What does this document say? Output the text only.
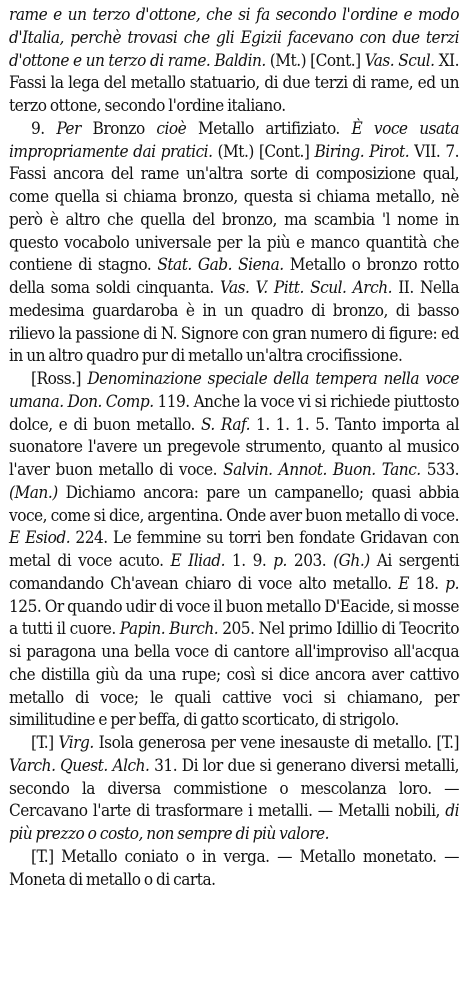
rame e un terzo d'ottone, che si fa secondo l'ordine e modo d'Italia, perchè trovasi che gli Egizii facevano con due terzi d'ottone e un terzo di rame. Baldin. (Mt.) [Cont.] Vas. Scul. XI. Fassi la lega del metallo statuario, di due terzi di rame, ed un terzo ottone, secondo l'ordine italiano.

9. Per Bronzo cioè Metallo artifiziato. È voce usata impropriamente dai pratici. (Mt.) [Cont.] Biring. Pirot. VII. 7. Fassi ancora del rame un'altra sorte di composizione qual, come quella si chiama bronzo, questa si chiama metallo, nè però è altro che quella del bronzo, ma scambia 'l nome in questo vocabolo universale per la più e manco quantità che contiene di stagno. Stat. Gab. Siena. Metallo o bronzo rotto della soma soldi cinquanta. Vas. V. Pitt. Scul. Arch. II. Nella medesima guardaroba è in un quadro di bronzo, di basso rilievo la passione di N. Signore con gran numero di figure: ed in un altro quadro pur di metallo un'altra crocifissione.

[Ross.] Denominazione speciale della tempera nella voce umana. Don. Comp. 119. Anche la voce vi si richiede piuttosto dolce, e di buon metallo. S. Raf. 1. 1. 1. 5. Tanto importa al suonatore l'avere un pregevole strumento, quanto al musico l'aver buon metallo di voce. Salvin. Annot. Buon. Tanc. 533. (Man.) Dichiamo ancora: pare un campanello; quasi abbia voce, come si dice, argentina. Onde aver buon metallo di voce. E Esiod. 224. Le femmine su torri ben fondate Gridavan con metal di voce acuto. E Iliad. 1. 9. p. 203. (Gh.) Ai sergenti comandando Ch'avean chiaro di voce alto metallo. E 18. p. 125. Or quando udir di voce il buon metallo D'Eacide, si mosse a tutti il cuore. Papin. Burch. 205. Nel primo Idillio di Teocrito si paragona una bella voce di cantore all'improviso all'acqua che distilla giù da una rupe; così si dice ancora aver cattivo metallo di voce; le quali cattive voci si chiamano, per similitudine e per beffa, di gatto scorticato, di strigolo.

[T.] Virg. Isola generosa per vene inesauste di metallo. [T.] Varch. Quest. Alch. 31. Di lor due si generano diversi metalli, secondo la diversa commistione o mescolanza loro. — Cercavano l'arte di trasformare i metalli. — Metalli nobili, di più prezzo o costo, non sempre di più valore.

[T.] Metallo coniato o in verga. — Metallo monetato. — Moneta di metallo o di carta.
